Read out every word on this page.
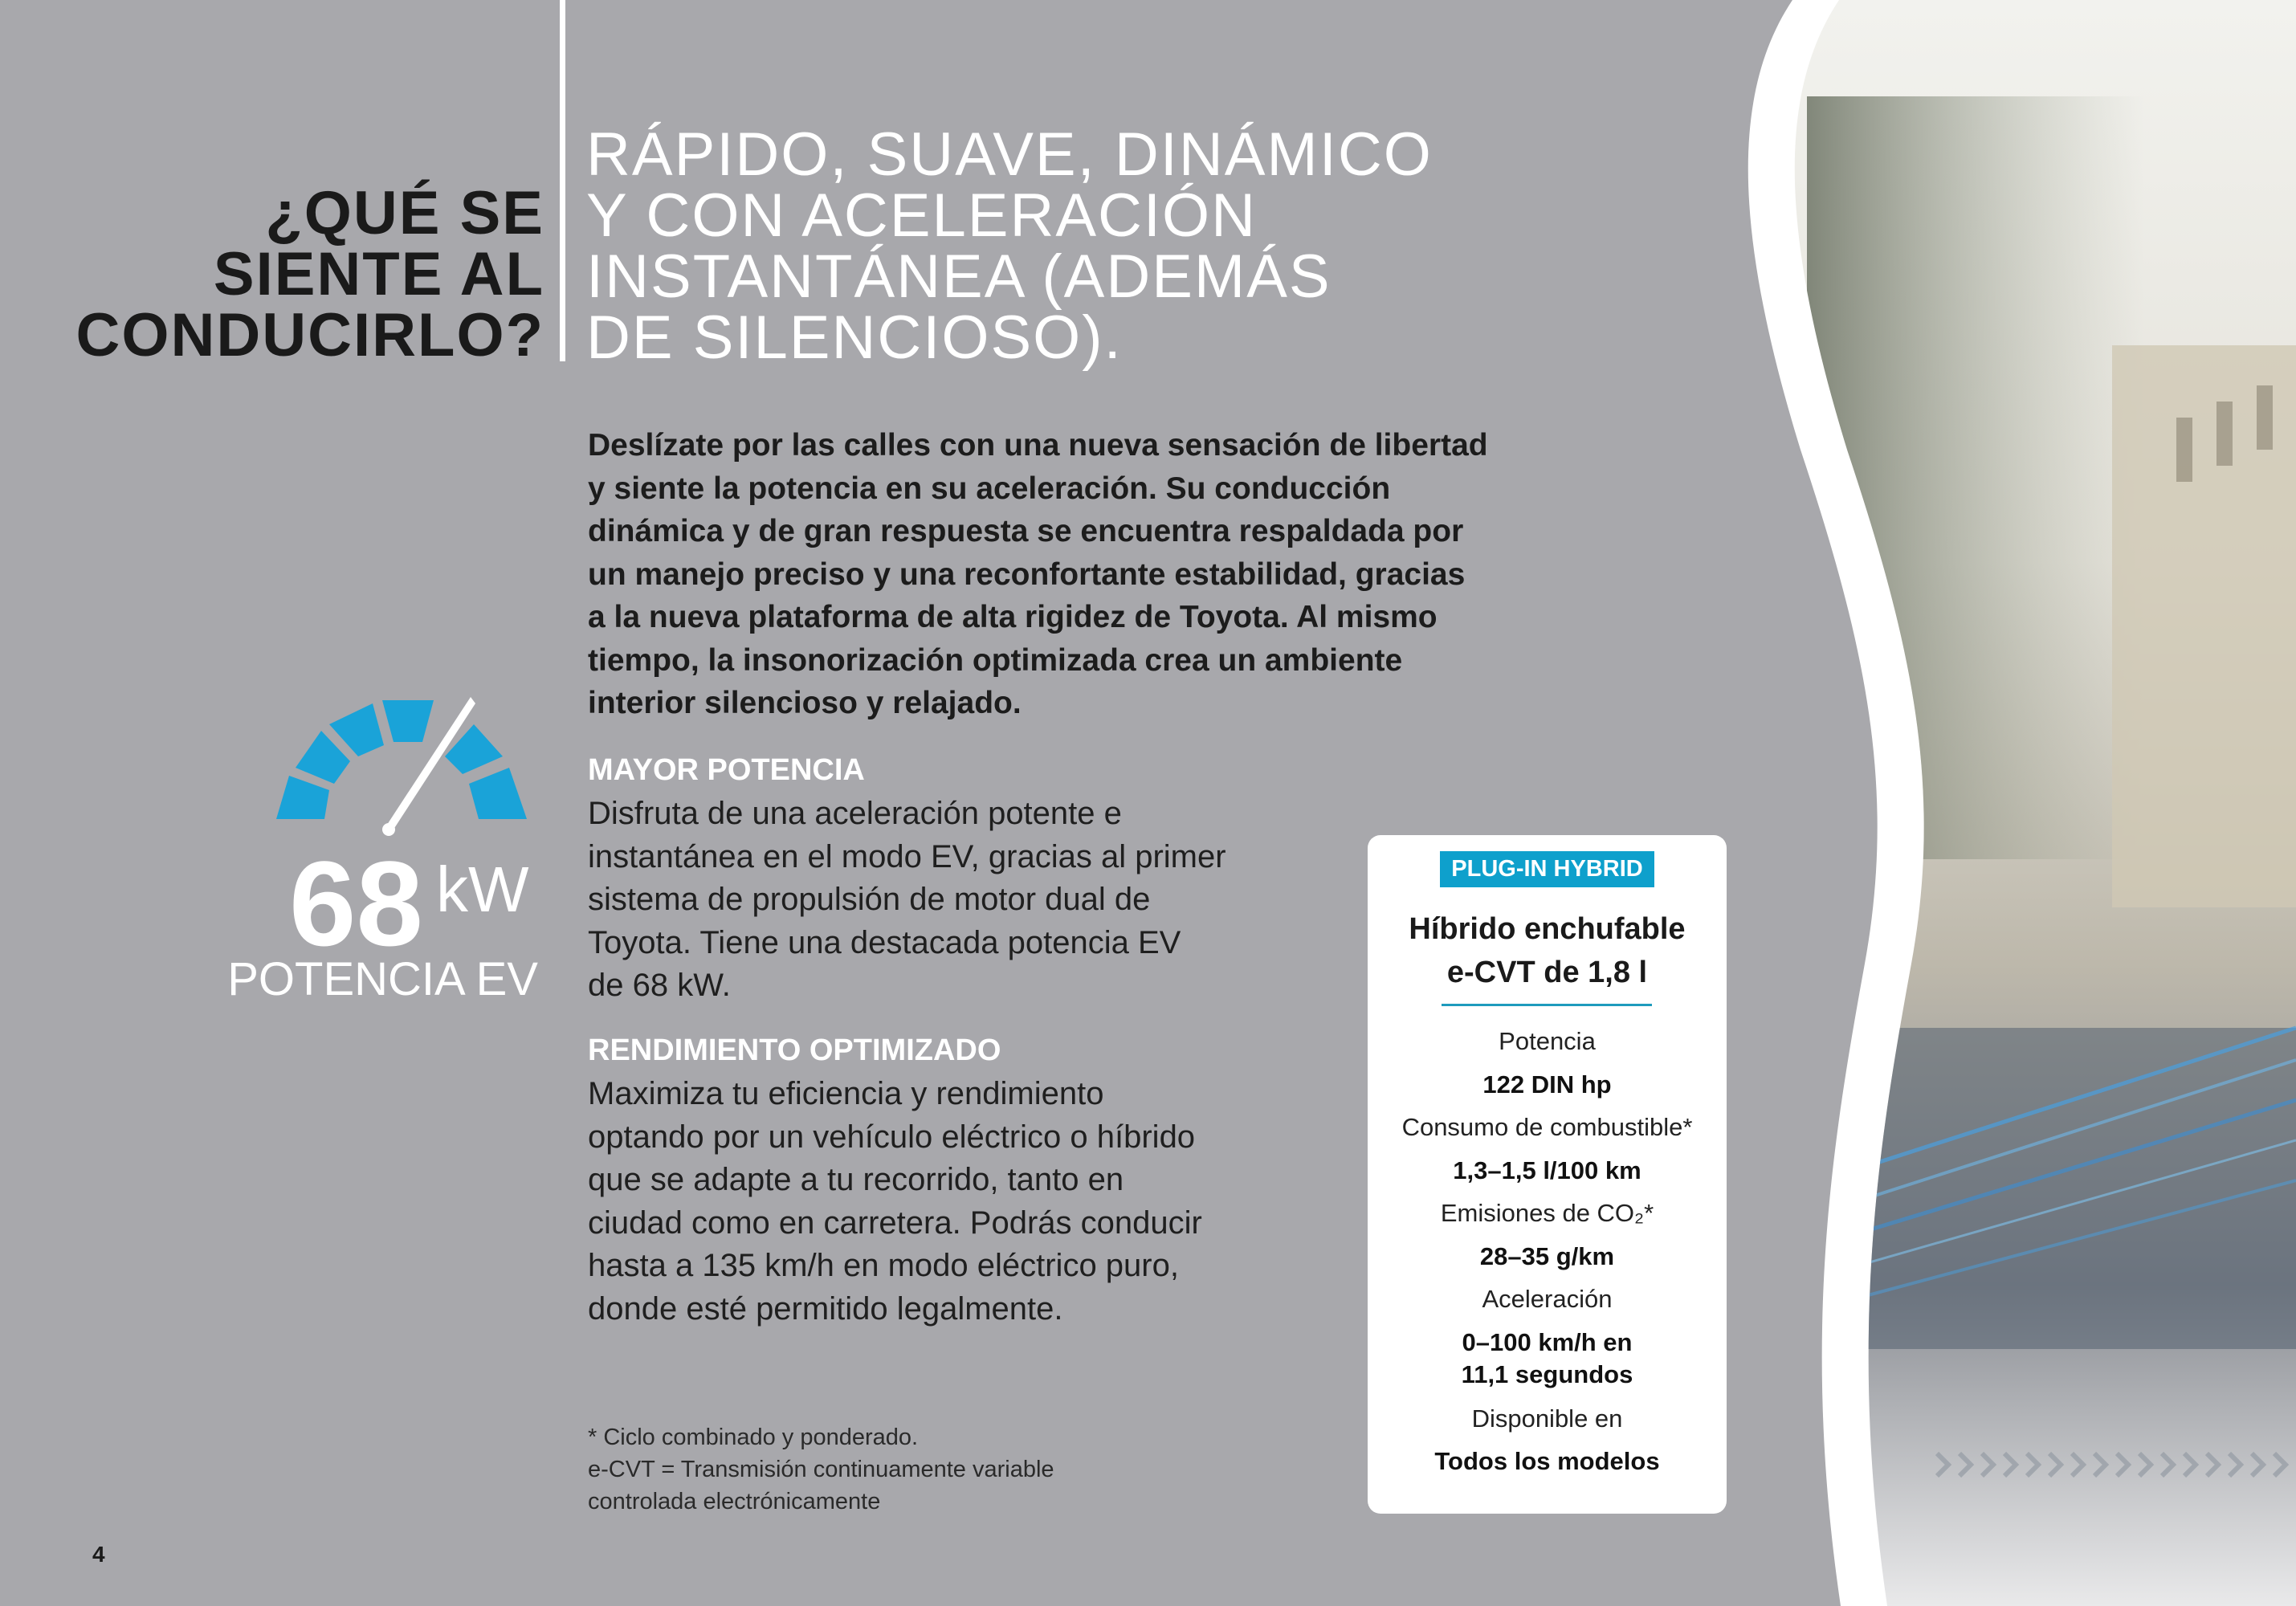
¿QUÉ SE
SIENTE AL
CONDUCIRLO?
RÁPIDO, SUAVE, DINÁMICO
Y CON ACELERACIÓN
INSTANTÁNEA (ADEMÁS
DE SILENCIOSO).
Deslízate por las calles con una nueva sensación de libertad
y siente la potencia en su aceleración. Su conducción
dinámica y de gran respuesta se encuentra respaldada por
un manejo preciso y una reconfortante estabilidad, gracias
a la nueva plataforma de alta rigidez de Toyota. Al mismo
tiempo, la insonorización optimizada crea un ambiente
interior silencioso y relajado.
MAYOR POTENCIA
Disfruta de una aceleración potente e
instantánea en el modo EV, gracias al primer
sistema de propulsión de motor dual de
Toyota. Tiene una destacada potencia EV
de 68 kW.
RENDIMIENTO OPTIMIZADO
Maximiza tu eficiencia y rendimiento
optando por un vehículo eléctrico o híbrido
que se adapte a tu recorrido, tanto en
ciudad como en carretera. Podrás conducir
hasta a 135 km/h en modo eléctrico puro,
donde esté permitido legalmente.
68 kW
POTENCIA EV
PLUG-IN HYBRID
Híbrido enchufable
e-CVT de 1,8 l
Potencia
122 DIN hp
Consumo de combustible*
1,3–1,5 l/100 km
Emisiones de CO₂*
28–35 g/km
Aceleración
0–100 km/h en
11,1 segundos
Disponible en
Todos los modelos
* Ciclo combinado y ponderado.
e-CVT = Transmisión continuamente variable
controlada electrónicamente
4
